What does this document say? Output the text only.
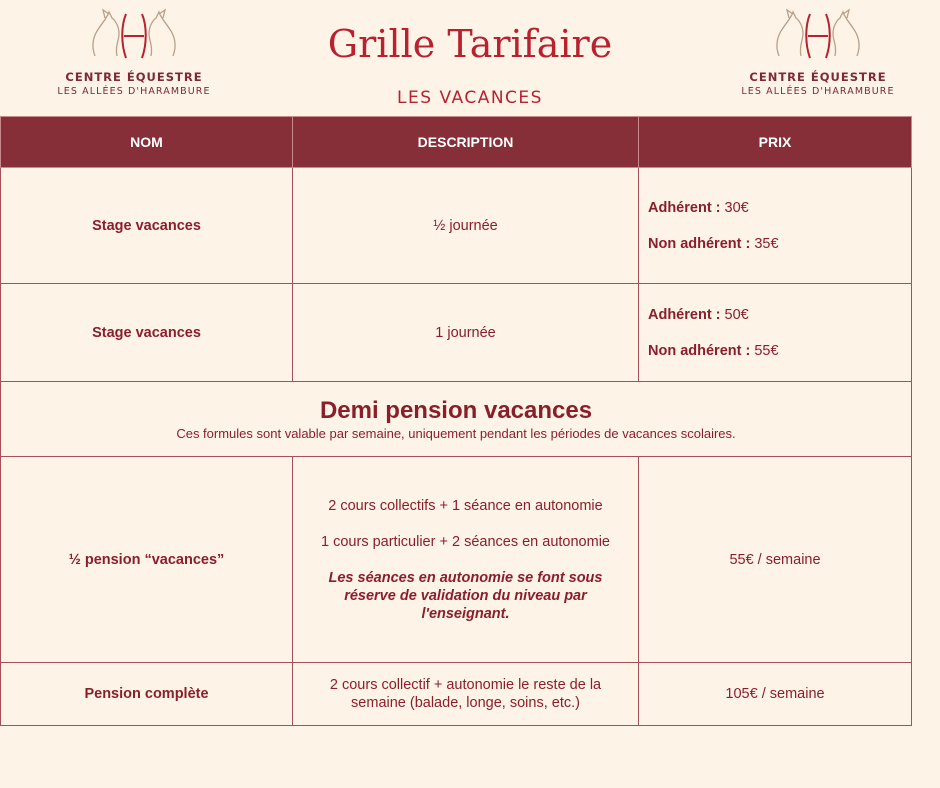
CENTRE ÉQUESTRE
LES ALLÉES D'HARAMBURE
CENTRE ÉQUESTRE
LES ALLÉES D'HARAMBURE
Grille Tarifaire
LES VACANCES
NOM	DESCRIPTION	PRIX
Stage vacances	½ journée	Adhérent : 30€
Non adhérent : 35€

Stage vacances	1 journée	Adhérent : 50€
Non adhérent : 55€

Demi pension vacances
Ces formules sont valable par semaine, uniquement pendant les périodes de vacances scolaires.		

½ pension “vacances”	2 cours collectifs + 1 séance en autonomie
1 cours particulier + 2 séances en autonomie
Les séances en autonomie se font sous réserve de validation du niveau par l'enseignant.	55€ / semaine
Pension complète	2 cours collectif + autonomie le reste de la semaine (balade, longe, soins, etc.)	105€ / semaine
